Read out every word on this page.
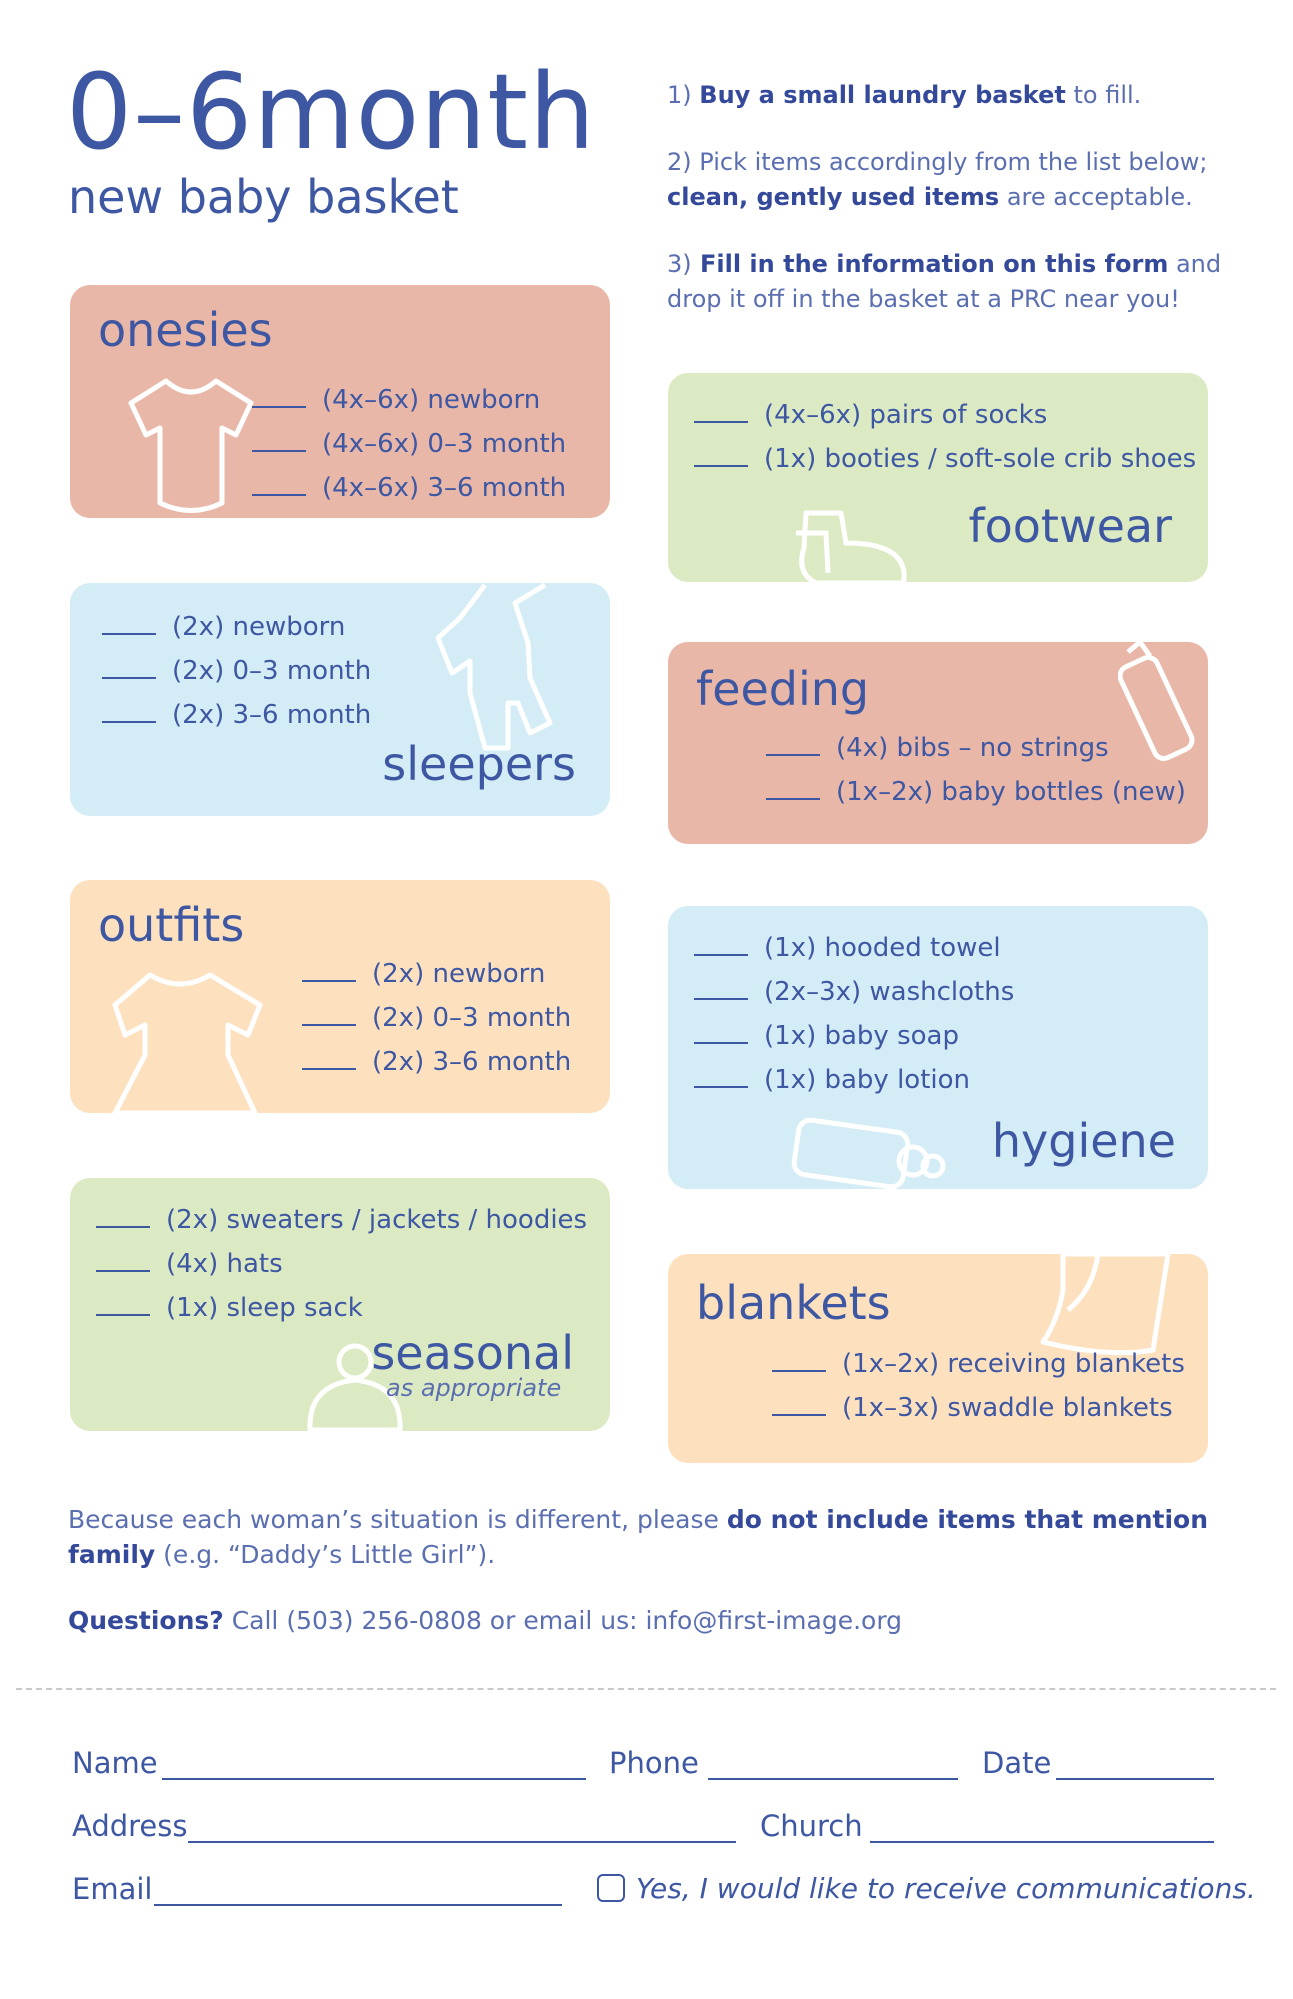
0–6month
new baby basket

1) Buy a small laundry basket to fill.

2) Pick items accordingly from the list below; clean, gently used items are acceptable.

3) Fill in the information on this form and drop it off in the basket at a PRC near you!

onesies
(4x–6x) newborn
(4x–6x) 0–3 month
(4x–6x) 3–6 month
(2x) newborn
(2x) 0–3 month
(2x) 3–6 month
sleepers
outfits
(2x) newborn
(2x) 0–3 month
(2x) 3–6 month
(2x) sweaters / jackets / hoodies
(4x) hats
(1x) sleep sack
seasonal
as appropriate
(4x–6x) pairs of socks
(1x) booties / soft-sole crib shoes
footwear
feeding
(4x) bibs – no strings
(1x–2x) baby bottles (new)
(1x) hooded towel
(2x–3x) washcloths
(1x) baby soap
(1x) baby lotion
hygiene
blankets
(1x–2x) receiving blankets
(1x–3x) swaddle blankets
Because each woman’s situation is different, please do not include items that mention family (e.g. “Daddy’s Little Girl”).
Questions? Call (503) 256-0808 or email us: info@first-image.org
Name	Phone	Date
Address	Church
Email	Yes, I would like to receive communications.
